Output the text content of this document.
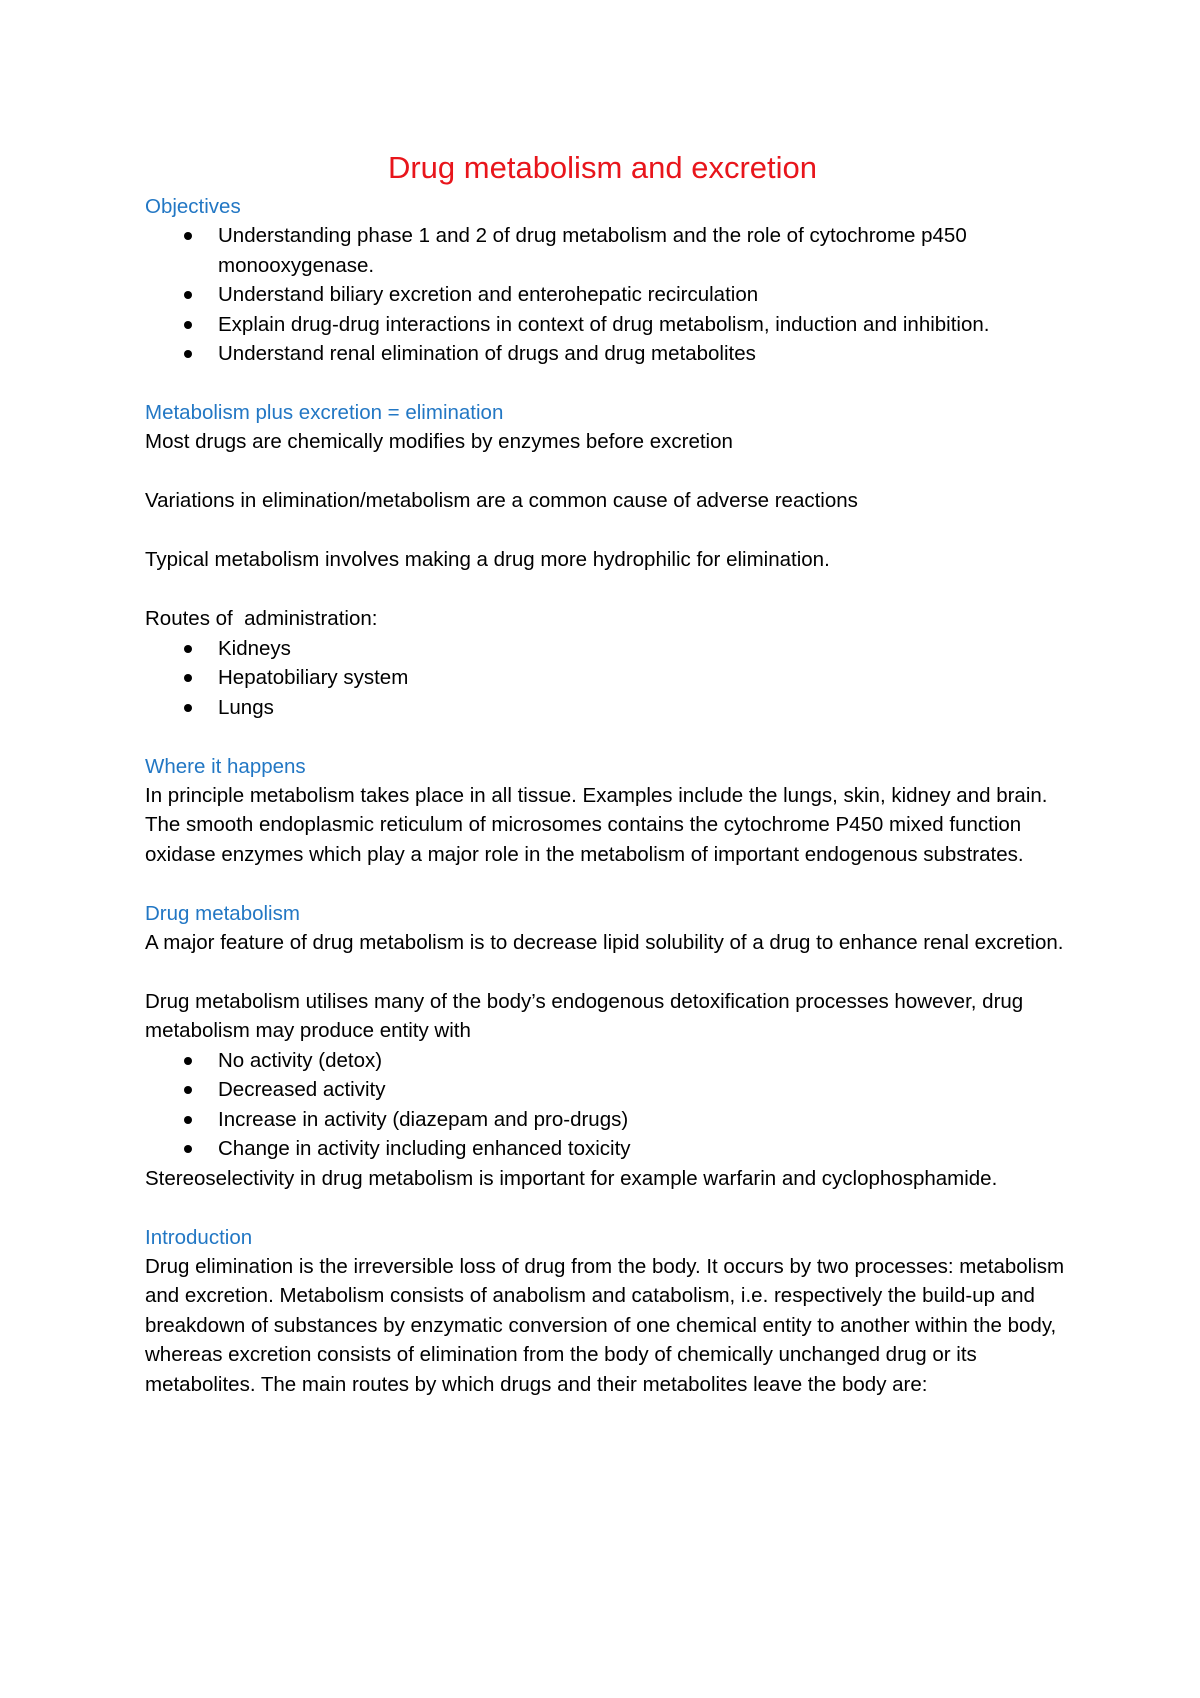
Drug metabolism and excretion
Objectives
Understanding phase 1 and 2 of drug metabolism and the role of cytochrome p450 monooxygenase.
Understand biliary excretion and enterohepatic recirculation
Explain drug-drug interactions in context of drug metabolism, induction and inhibition.
Understand renal elimination of drugs and drug metabolites
Metabolism plus excretion = elimination

Most drugs are chemically modifies by enzymes before excretion

Variations in elimination/metabolism are a common cause of adverse reactions

Typical metabolism involves making a drug more hydrophilic for elimination.

Routes of  administration:

Kidneys
Hepatobiliary system
Lungs
Where it happens

In principle metabolism takes place in all tissue. Examples include the lungs, skin, kidney and brain. The smooth endoplasmic reticulum of microsomes contains the cytochrome P450 mixed function oxidase enzymes which play a major role in the metabolism of important endogenous substrates.

Drug metabolism

A major feature of drug metabolism is to decrease lipid solubility of a drug to enhance renal excretion.

Drug metabolism utilises many of the body’s endogenous detoxification processes however, drug metabolism may produce entity with

No activity (detox)
Decreased activity
Increase in activity (diazepam and pro-drugs)
Change in activity including enhanced toxicity

Stereoselectivity in drug metabolism is important for example warfarin and cyclophosphamide.

Introduction

Drug elimination is the irreversible loss of drug from the body. It occurs by two processes: metabolism and excretion. Metabolism consists of anabolism and catabolism, i.e. respectively the build-up and breakdown of substances by enzymatic conversion of one chemical entity to another within the body, whereas excretion consists of elimination from the body of chemically unchanged drug or its metabolites. The main routes by which drugs and their metabolites leave the body are:
